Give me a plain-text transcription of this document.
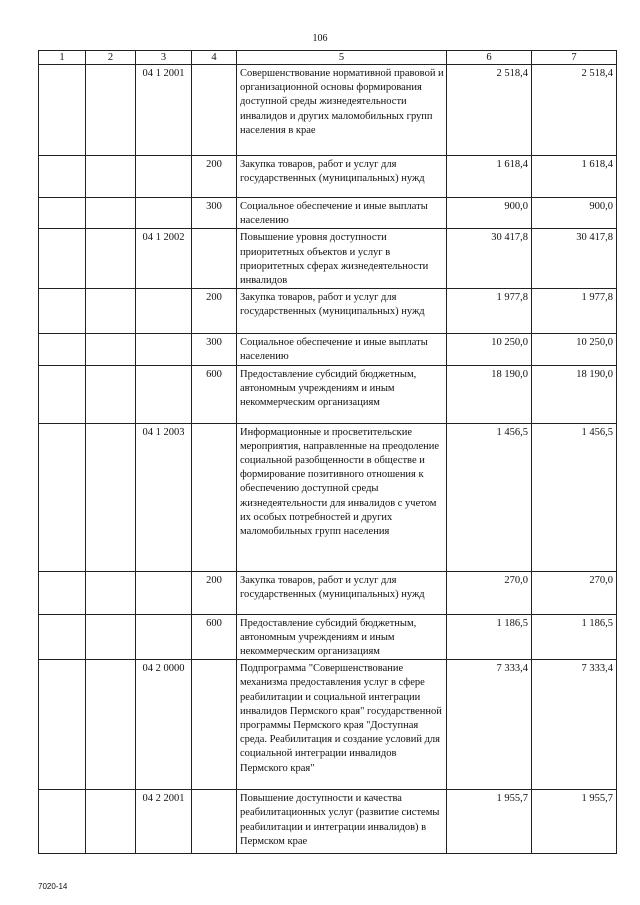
106
1	2	3	4	5	6	7
		04 1 2001		Совершенствование нормативной правовой и организационной основы формирования доступной среды жизнедеятельности инвалидов и других маломобильных групп населения в крае	2 518,4	2 518,4
			200	Закупка товаров, работ и услуг для государственных (муниципальных) нужд	1 618,4	1 618,4
			300	Социальное обеспечение и иные выплаты населению	900,0	900,0
		04 1 2002		Повышение уровня доступности приоритетных объектов и услуг в приоритетных сферах жизнедеятельности инвалидов	30 417,8	30 417,8
			200	Закупка товаров, работ и услуг для государственных (муниципальных) нужд	1 977,8	1 977,8
			300	Социальное обеспечение и иные выплаты населению	10 250,0	10 250,0
			600	Предоставление субсидий бюджетным, автономным учреждениям и иным некоммерческим организациям	18 190,0	18 190,0
		04 1 2003		Информационные и просветительские мероприятия, направленные на преодоление социальной разобщенности в обществе и формирование позитивного отношения к обеспечению доступной среды жизнедеятельности для инвалидов с учетом их особых потребностей и других маломобильных групп населения	1 456,5	1 456,5
			200	Закупка товаров, работ и услуг для государственных (муниципальных) нужд	270,0	270,0
			600	Предоставление субсидий бюджетным, автономным учреждениям и иным некоммерческим организациям	1 186,5	1 186,5
		04 2 0000		Подпрограмма "Совершенствование механизма предоставления услуг в сфере реабилитации и социальной интеграции инвалидов Пермского края" государственной программы Пермского края "Доступная среда. Реабилитация и создание условий для социальной интеграции инвалидов Пермского края"	7 333,4	7 333,4
		04 2 2001		Повышение доступности и качества реабилитационных услуг (развитие системы реабилитации и интеграции инвалидов) в Пермском крае	1 955,7	1 955,7
7020-14
